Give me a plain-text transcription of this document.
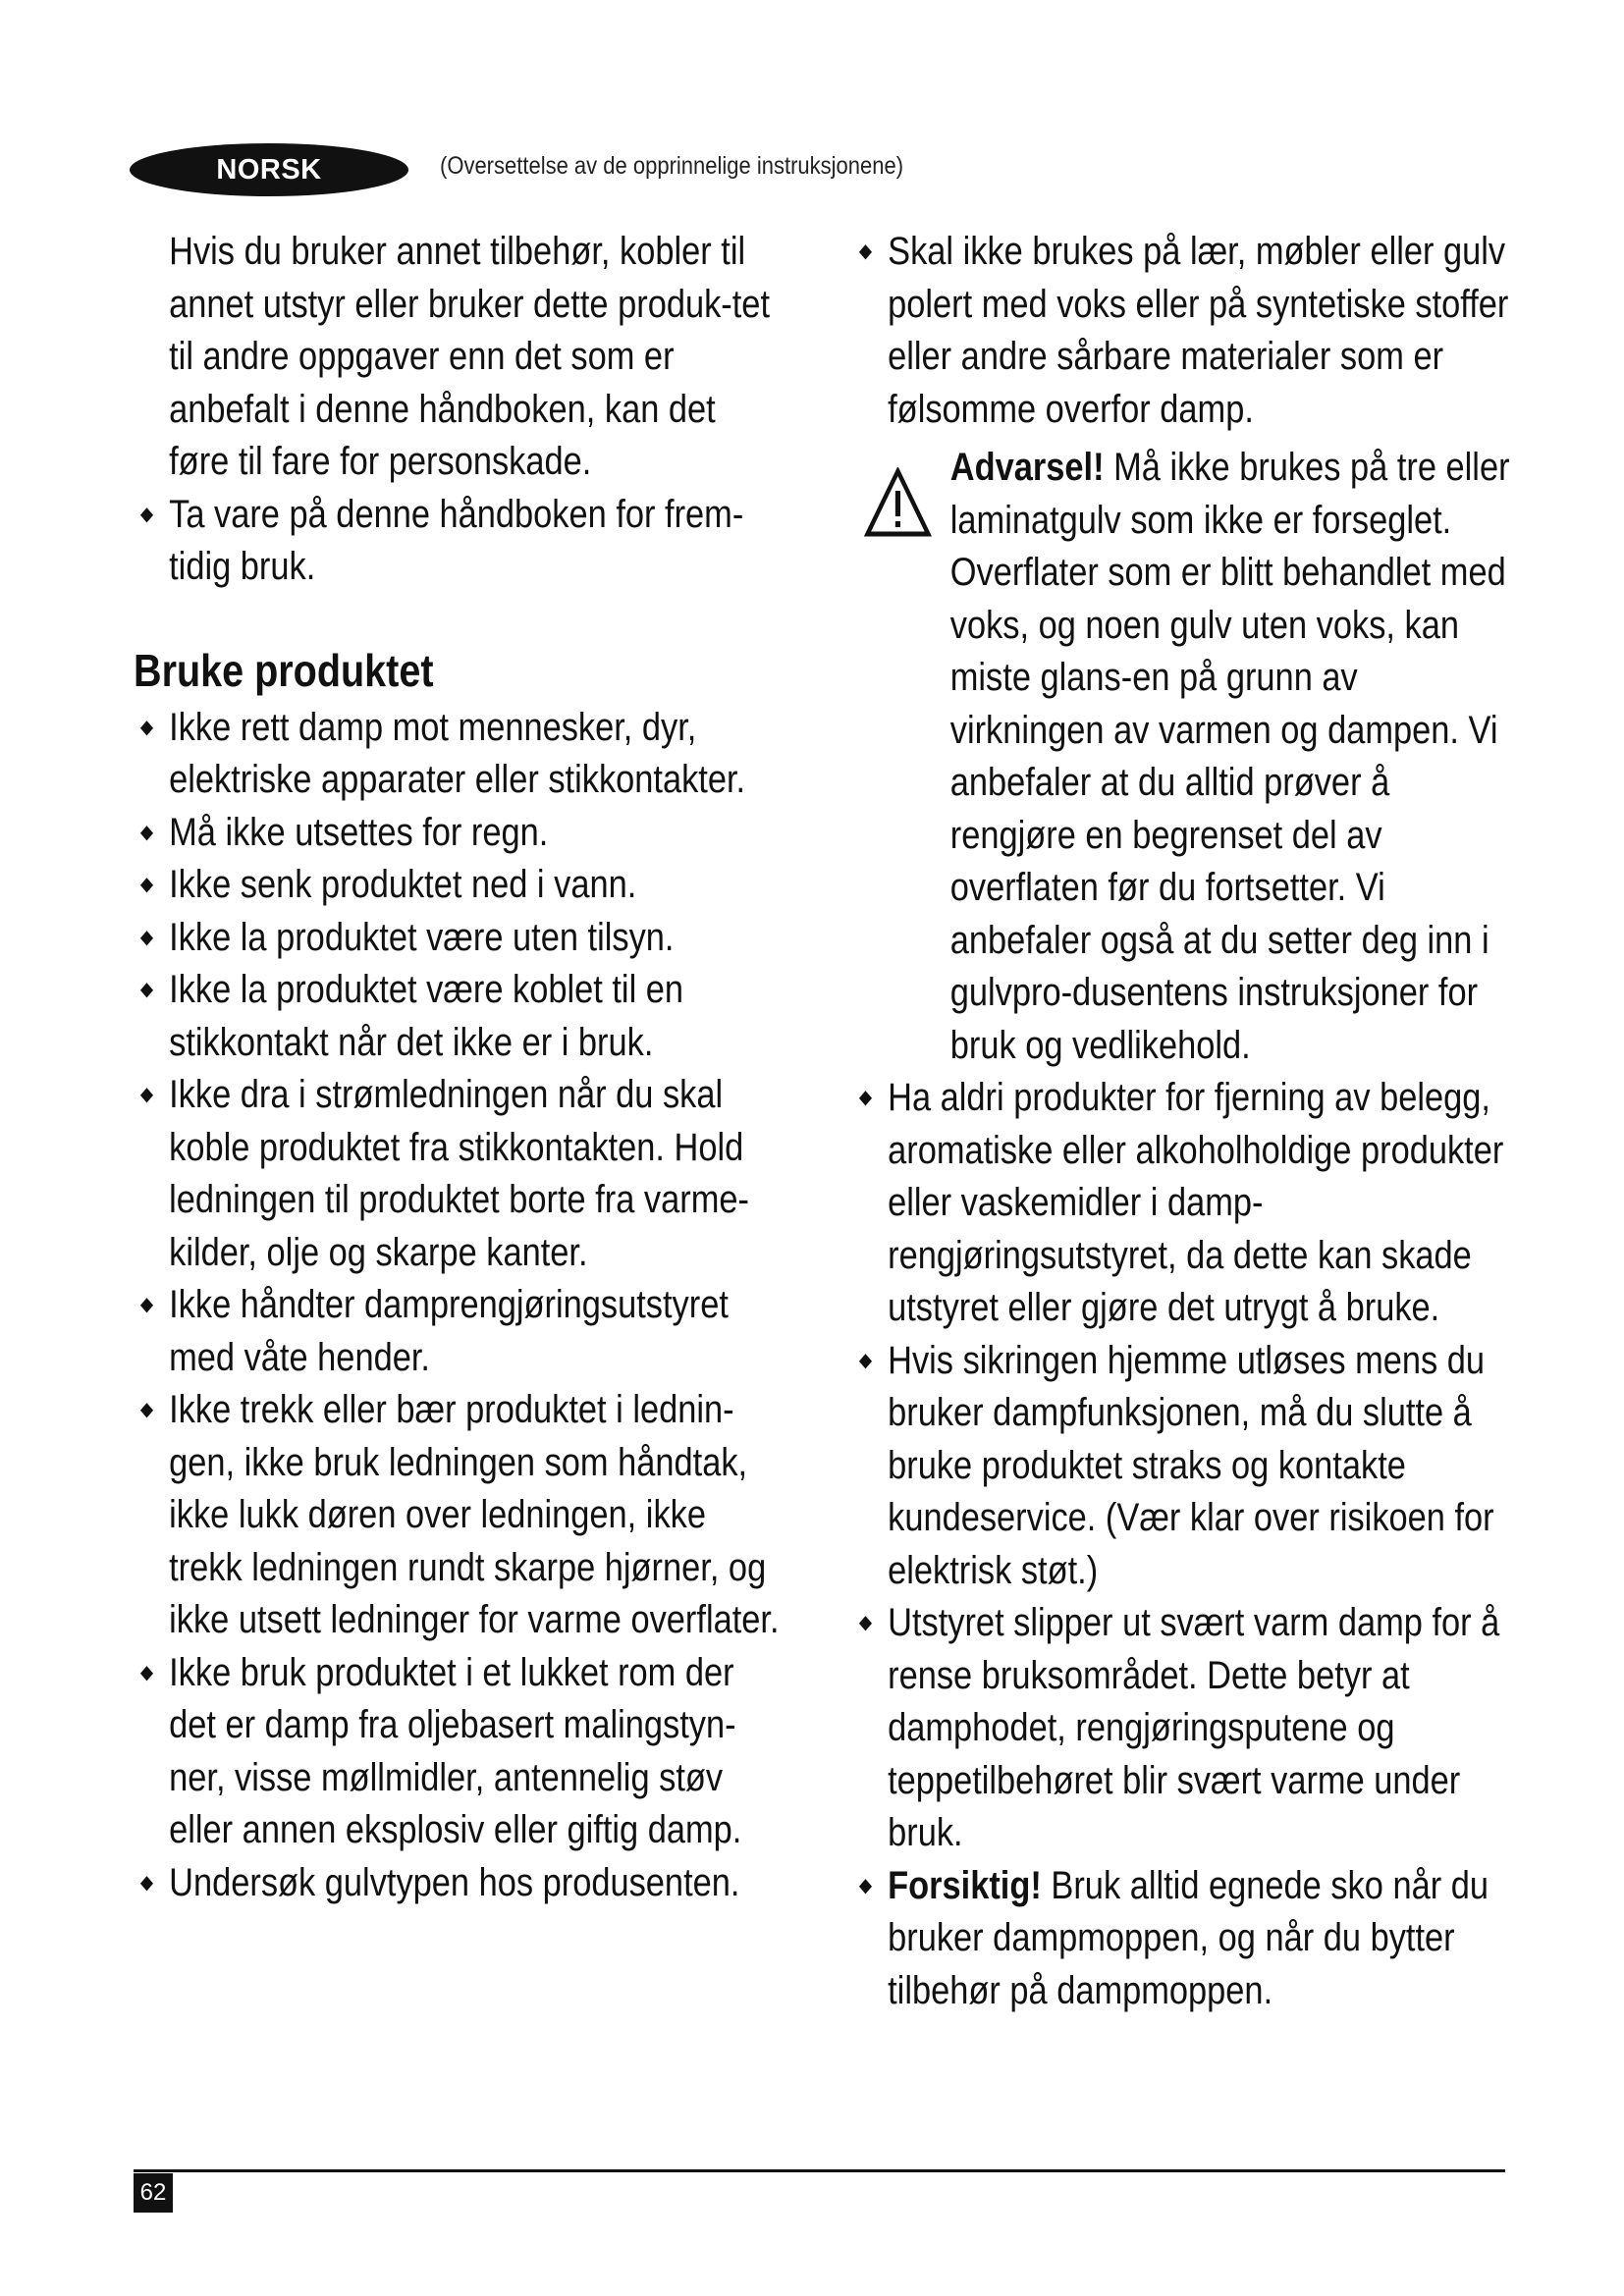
NORSK	(Oversettelse av de opprinnelige instruksjonene)

Hvis du bruker annet tilbehør, kobler til annet utstyr eller bruker dette produk-tet til andre oppgaver enn det som er anbefalt i denne håndboken, kan det føre til fare for personskade.

◆ Ta vare på denne håndboken for frem-tidig bruk.

Bruke produktet

◆ Ikke rett damp mot mennesker, dyr, elektriske apparater eller stikkontakter.

◆ Må ikke utsettes for regn.

◆ Ikke senk produktet ned i vann.

◆ Ikke la produktet være uten tilsyn.

◆ Ikke la produktet være koblet til en stikkontakt når det ikke er i bruk.

◆ Ikke dra i strømledningen når du skal koble produktet fra stikkontakten. Hold ledningen til produktet borte fra varme-kilder, olje og skarpe kanter.

◆ Ikke håndter damprengjøringsutstyret med våte hender.

◆ Ikke trekk eller bær produktet i lednin-gen, ikke bruk ledningen som håndtak, ikke lukk døren over ledningen, ikke trekk ledningen rundt skarpe hjørner, og ikke utsett ledninger for varme overflater.

◆ Ikke bruk produktet i et lukket rom der det er damp fra oljebasert malingstyn-ner, visse møllmidler, antennelig støv eller annen eksplosiv eller giftig damp.

◆ Undersøk gulvtypen hos produsenten.

◆ Skal ikke brukes på lær, møbler eller gulv polert med voks eller på syntetiske stoffer eller andre sårbare materialer som er følsomme overfor damp.

Advarsel! Må ikke brukes på tre eller laminatgulv som ikke er forseglet. Overflater som er blitt behandlet med voks, og noen gulv uten voks, kan miste glans-en på grunn av virkningen av varmen og dampen. Vi anbefaler at du alltid prøver å rengjøre en begrenset del av overflaten før du fortsetter. Vi anbefaler også at du setter deg inn i gulvpro-dusentens instruksjoner for bruk og vedlikehold.

◆ Ha aldri produkter for fjerning av belegg, aromatiske eller alkoholholdige produkter eller vaskemidler i damp-rengjøringsutstyret, da dette kan skade utstyret eller gjøre det utrygt å bruke.

◆ Hvis sikringen hjemme utløses mens du bruker dampfunksjonen, må du slutte å bruke produktet straks og kontakte kundeservice. (Vær klar over risikoen for elektrisk støt.)

◆ Utstyret slipper ut svært varm damp for å rense bruksområdet. Dette betyr at damphodet, rengjøringsputene og teppetilbehøret blir svært varme under bruk.

◆ Forsiktig! Bruk alltid egnede sko når du bruker dampmoppen, og når du bytter tilbehør på dampmoppen.

62
